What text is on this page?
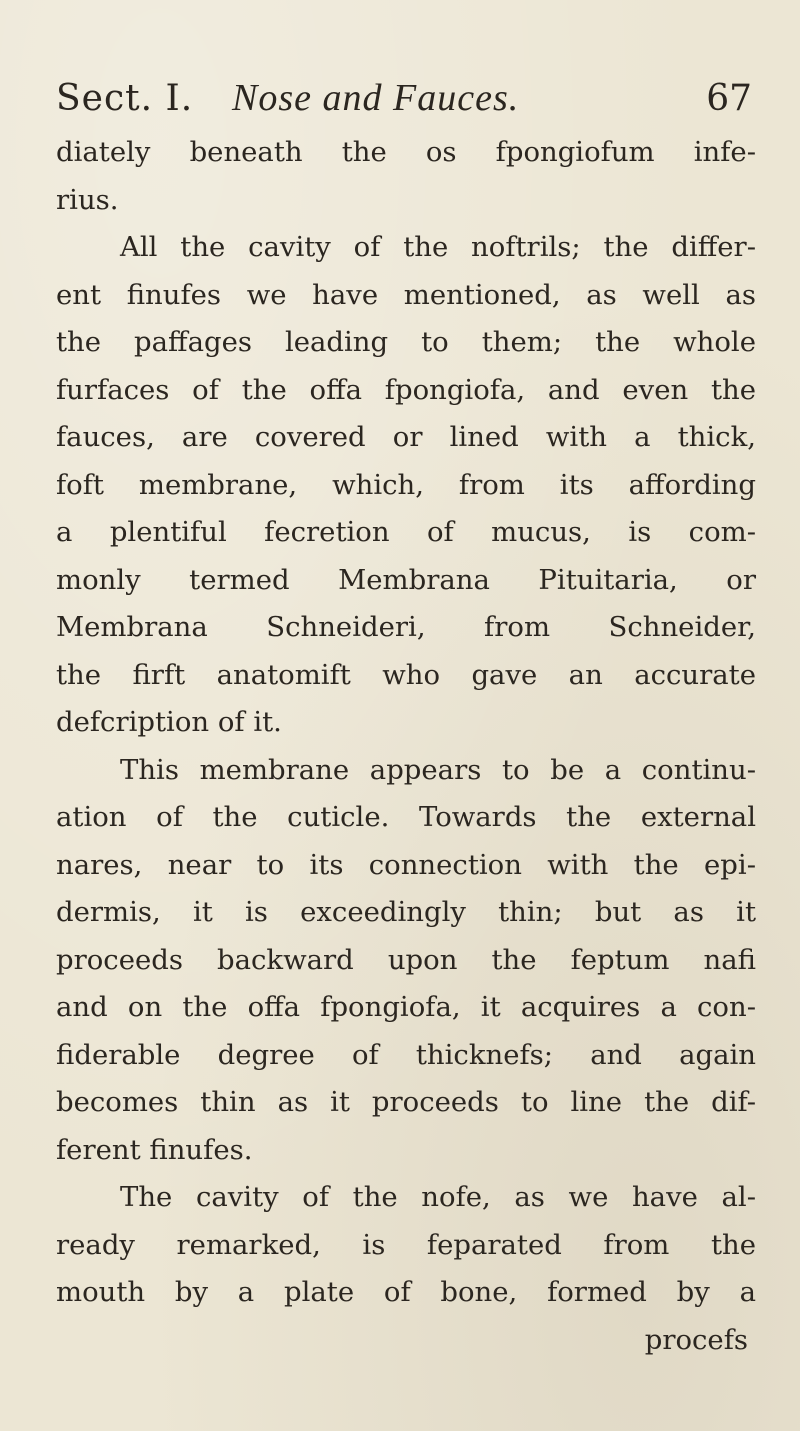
Sect. I. Nose and Fauces.	67
diately beneath the os fpongiofum infe-
rius.
All the cavity of the noftrils; the differ-
ent finufes we have mentioned, as well as
the paffages leading to them; the whole
furfaces of the offa fpongiofa, and even the
fauces, are covered or lined with a thick,
foft membrane, which, from its affording
a plentiful fecretion of mucus, is com-
monly termed Membrana Pituitaria, or
Membrana Schneideri, from Schneider,
the firft anatomift who gave an accurate
defcription of it.
This membrane appears to be a continu-
ation of the cuticle. Towards the external
nares, near to its connection with the epi-
dermis, it is exceedingly thin; but as it
proceeds backward upon the feptum nafi
and on the offa fpongiofa, it acquires a con-
fiderable degree of thicknefs; and again
becomes thin as it proceeds to line the dif-
ferent finufes.
The cavity of the nofe, as we have al-
ready remarked, is feparated from the
mouth by a plate of bone, formed by a
procefs
